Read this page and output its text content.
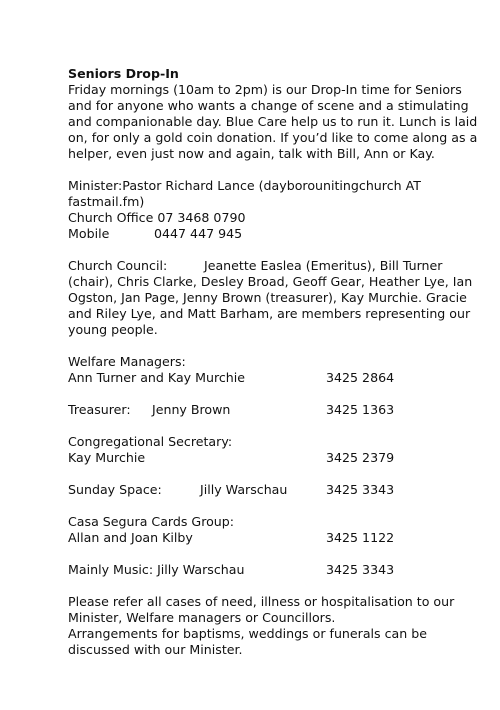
Seniors Drop-In

Friday mornings (10am to 2pm) is our Drop-In time for Seniors and for anyone who wants a change of scene and a stimulating and companionable day. Blue Care help us to run it. Lunch is laid on, for only a gold coin donation. If you’d like to come along as a helper, even just now and again, talk with Bill, Ann or Kay.

Minister:Pastor Richard Lance (dayborounitingchurch AT fastmail.fm)

Church Office 07 3468 0790

Mobile	0447 447 945

Church Council:	Jeanette Easlea (Emeritus), Bill Turner (chair), Chris Clarke, Desley Broad, Geoff Gear, Heather Lye, Ian Ogston, Jan Page, Jenny Brown (treasurer), Kay Murchie. Gracie and Riley Lye, and Matt Barham, are members representing our young people.

Welfare Managers:

Ann Turner and Kay Murchie	3425 2864
Treasurer: Jenny Brown	3425 1363

Congregational Secretary:

Kay Murchie	3425 2379
Sunday Space:	Jilly Warschau	3425 3343

Casa Segura Cards Group:

Allan and Joan Kilby	3425 1122
Mainly Music: Jilly Warschau	3425 3343

Please refer all cases of need, illness or hospitalisation to our Minister, Welfare managers or Councillors.

Arrangements for baptisms, weddings or funerals can be discussed with our Minister.
